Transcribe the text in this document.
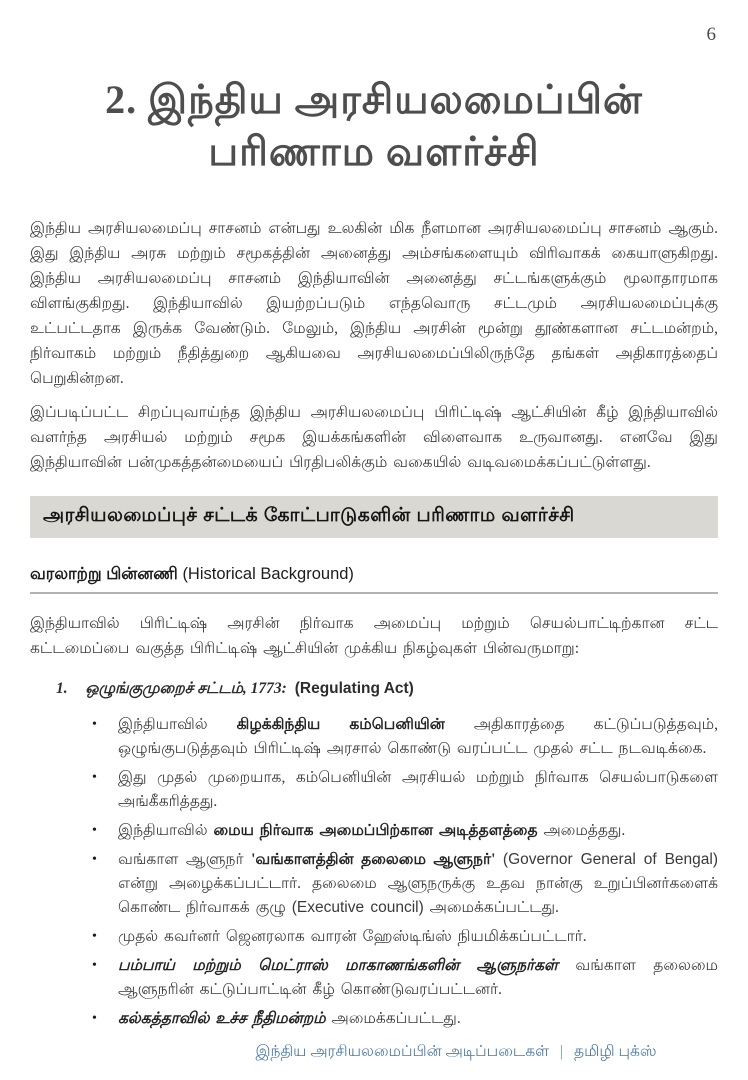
6
2. இந்திய அரசியலமைப்பின்
பரிணாம வளர்ச்சி

இந்திய அரசியலமைப்பு சாசனம் என்பது உலகின் மிக நீளமான அரசியலமைப்பு சாசனம் ஆகும். இது இந்திய அரசு மற்றும் சமூகத்தின் அனைத்து அம்சங்களையும் விரிவாகக் கையாளுகிறது. இந்திய அரசியலமைப்பு சாசனம் இந்தியாவின் அனைத்து சட்டங்களுக்கும் மூலாதாரமாக விளங்குகிறது. இந்தியாவில் இயற்றப்படும் எந்தவொரு சட்டமும் அரசியலமைப்புக்கு உட்பட்டதாக இருக்க வேண்டும். மேலும், இந்திய அரசின் மூன்று தூண்களான சட்டமன்றம், நிர்வாகம் மற்றும் நீதித்துறை ஆகியவை அரசியலமைப்பிலிருந்தே தங்கள் அதிகாரத்தைப் பெறுகின்றன.

இப்படிப்பட்ட சிறப்புவாய்ந்த இந்திய அரசியலமைப்பு பிரிட்டிஷ் ஆட்சியின் கீழ் இந்தியாவில் வளர்ந்த அரசியல் மற்றும் சமூக இயக்கங்களின் விளைவாக உருவானது. எனவே இது இந்தியாவின் பன்முகத்தன்மையைப் பிரதிபலிக்கும் வகையில் வடிவமைக்கப்பட்டுள்ளது.

அரசியலமைப்புச் சட்டக் கோட்பாடுகளின் பரிணாம வளர்ச்சி
வரலாற்று பின்னணி (Historical Background)

இந்தியாவில் பிரிட்டிஷ் அரசின் நிர்வாக அமைப்பு மற்றும் செயல்பாட்டிற்கான சட்ட கட்டமைப்பை வகுத்த பிரிட்டிஷ் ஆட்சியின் முக்கிய நிகழ்வுகள் பின்வருமாறு:

1. ஒழுங்குமுறைச் சட்டம், 1773: (Regulating Act)
•	இந்தியாவில் கிழக்கிந்திய கம்பெனியின் அதிகாரத்தை கட்டுப்படுத்தவும், ஒழுங்குபடுத்தவும் பிரிட்டிஷ் அரசால் கொண்டு வரப்பட்ட முதல் சட்ட நடவடிக்கை.
•	இது முதல் முறையாக, கம்பெனியின் அரசியல் மற்றும் நிர்வாக செயல்பாடுகளை அங்கீகரித்தது.
•	இந்தியாவில் மைய நிர்வாக அமைப்பிற்கான அடித்தளத்தை அமைத்தது.
•	வங்காள ஆளுநர் 'வங்காளத்தின் தலைமை ஆளுநர்' (Governor General of Bengal) என்று அழைக்கப்பட்டார். தலைமை ஆளுநருக்கு உதவ நான்கு உறுப்பினர்களைக் கொண்ட நிர்வாகக் குழு (Executive council) அமைக்கப்பட்டது.
•	முதல் கவர்னர் ஜெனரலாக வாரன் ஹேஸ்டிங்ஸ் நியமிக்கப்பட்டார்.
•	பம்பாய் மற்றும் மெட்ராஸ் மாகாணங்களின் ஆளுநர்கள் வங்காள தலைமை ஆளுநரின் கட்டுப்பாட்டின் கீழ் கொண்டுவரப்பட்டனர்.
•	கல்கத்தாவில் உச்ச நீதிமன்றம் அமைக்கப்பட்டது.
இந்திய அரசியலமைப்பின் அடிப்படைகள் | தமிழி புக்ஸ்
